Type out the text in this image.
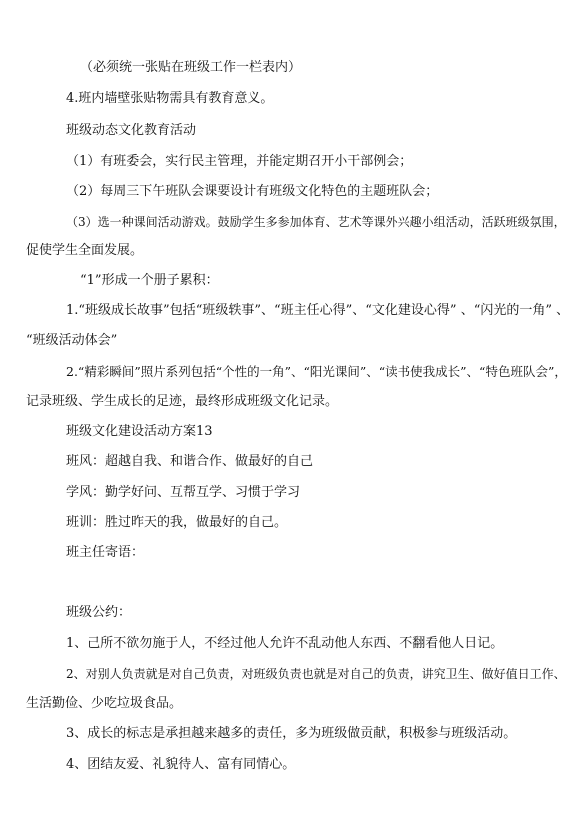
（必须统一张贴在班级工作一栏表内）
4.班内墙壁张贴物需具有教育意义。
班级动态文化教育活动
（1）有班委会，实行民主管理，并能定期召开小干部例会；
（2）每周三下午班队会课要设计有班级文化特色的主题班队会；
（3）选一种课间活动游戏。鼓励学生多参加体育、艺术等课外兴趣小组活动，活跃班级氛围，
促使学生全面发展。
“1”形成一个册子累积：
1.“班级成长故事”包括“班级轶事”、“班主任心得”、“文化建设心得” 、“闪光的一角” 、
“班级活动体会”
2.“精彩瞬间”照片系列包括“个性的一角”、“阳光课间”、“读书使我成长”、“特色班队会”，
记录班级、学生成长的足迹，最终形成班级文化记录。
班级文化建设活动方案13
班风：超越自我、和谐合作、做最好的自己
学风：勤学好问、互帮互学、习惯于学习
班训：胜过昨天的我，做最好的自己。
班主任寄语：
班级公约：
1、己所不欲勿施于人，不经过他人允许不乱动他人东西、不翻看他人日记。
2、对别人负责就是对自己负责，对班级负责也就是对自己的负责，讲究卫生、做好值日工作、
生活勤俭、少吃垃圾食品。
3、成长的标志是承担越来越多的责任，多为班级做贡献，积极参与班级活动。
4、团结友爱、礼貌待人、富有同情心。
